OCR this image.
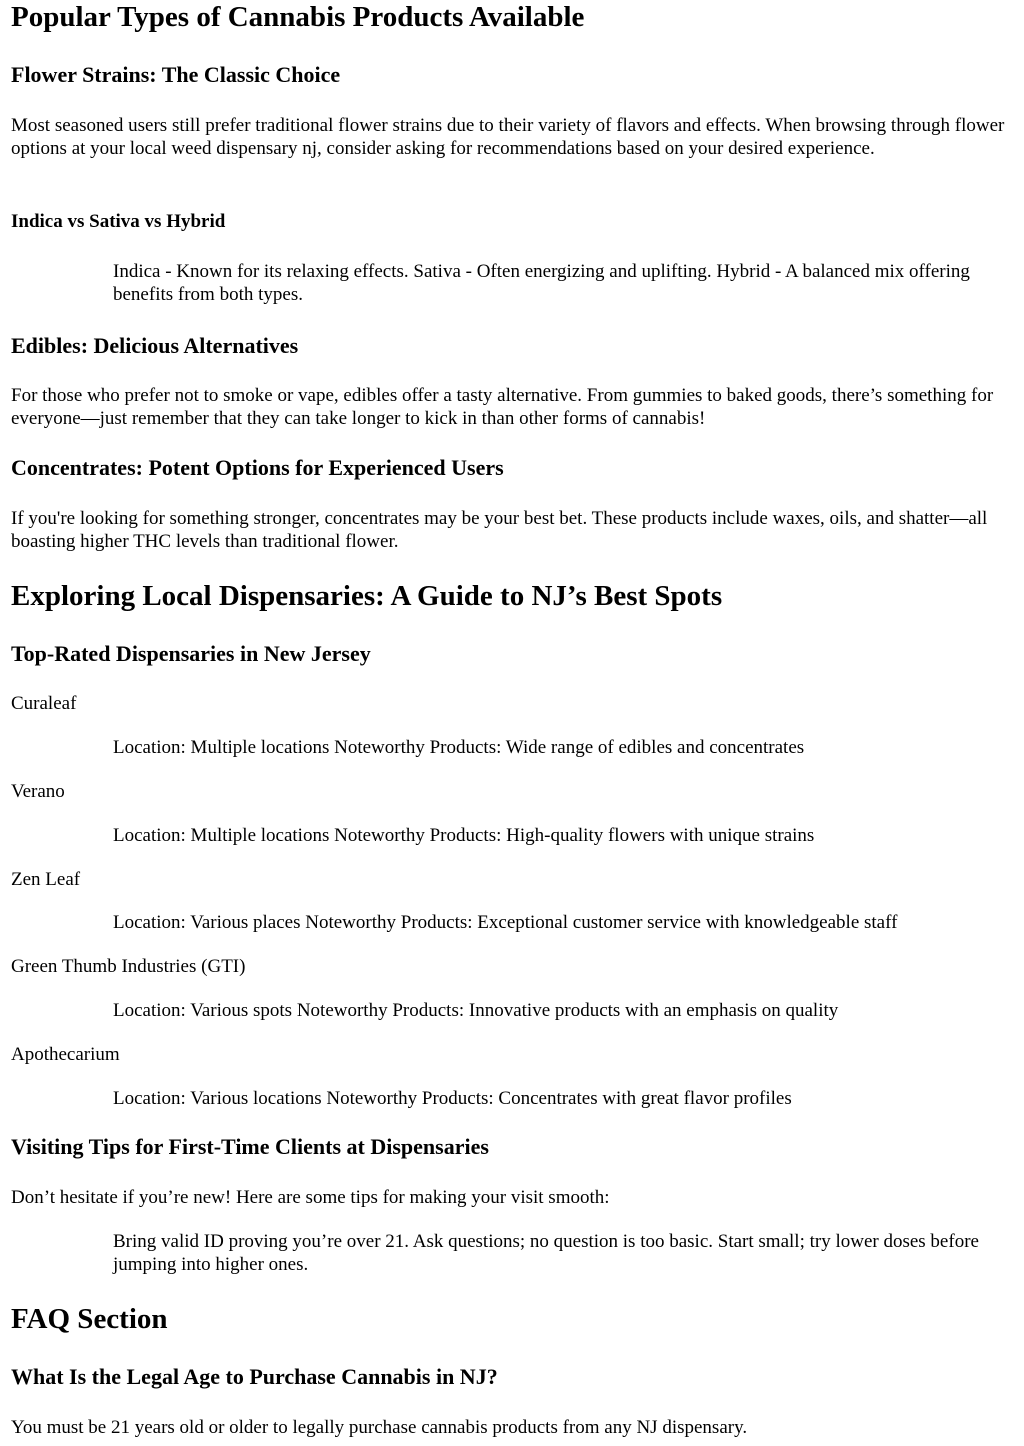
Popular Types of Cannabis Products Available
Flower Strains: The Classic Choice

Most seasoned users still prefer traditional flower strains due to their variety of flavors and effects. When browsing through flower options at your local weed dispensary nj, consider asking for recommendations based on your desired experience.

Indica vs Sativa vs Hybrid
Indica - Known for its relaxing effects. Sativa - Often energizing and uplifting. Hybrid - A balanced mix offering benefits from both types.
Edibles: Delicious Alternatives

For those who prefer not to smoke or vape, edibles offer a tasty alternative. From gummies to baked goods, there’s something for everyone—just remember that they can take longer to kick in than other forms of cannabis!

Concentrates: Potent Options for Experienced Users

If you're looking for something stronger, concentrates may be your best bet. These products include waxes, oils, and shatter—all boasting higher THC levels than traditional flower.

Exploring Local Dispensaries: A Guide to NJ’s Best Spots
Top-Rated Dispensaries in New Jersey

Curaleaf

Location: Multiple locations Noteworthy Products: Wide range of edibles and concentrates

Verano

Location: Multiple locations Noteworthy Products: High-quality flowers with unique strains

Zen Leaf

Location: Various places Noteworthy Products: Exceptional customer service with knowledgeable staff

Green Thumb Industries (GTI)

Location: Various spots Noteworthy Products: Innovative products with an emphasis on quality

Apothecarium

Location: Various locations Noteworthy Products: Concentrates with great flavor profiles
Visiting Tips for First-Time Clients at Dispensaries

Don’t hesitate if you’re new! Here are some tips for making your visit smooth:

Bring valid ID proving you’re over 21. Ask questions; no question is too basic. Start small; try lower doses before jumping into higher ones.
FAQ Section
What Is the Legal Age to Purchase Cannabis in NJ?

You must be 21 years old or older to legally purchase cannabis products from any NJ dispensary.
